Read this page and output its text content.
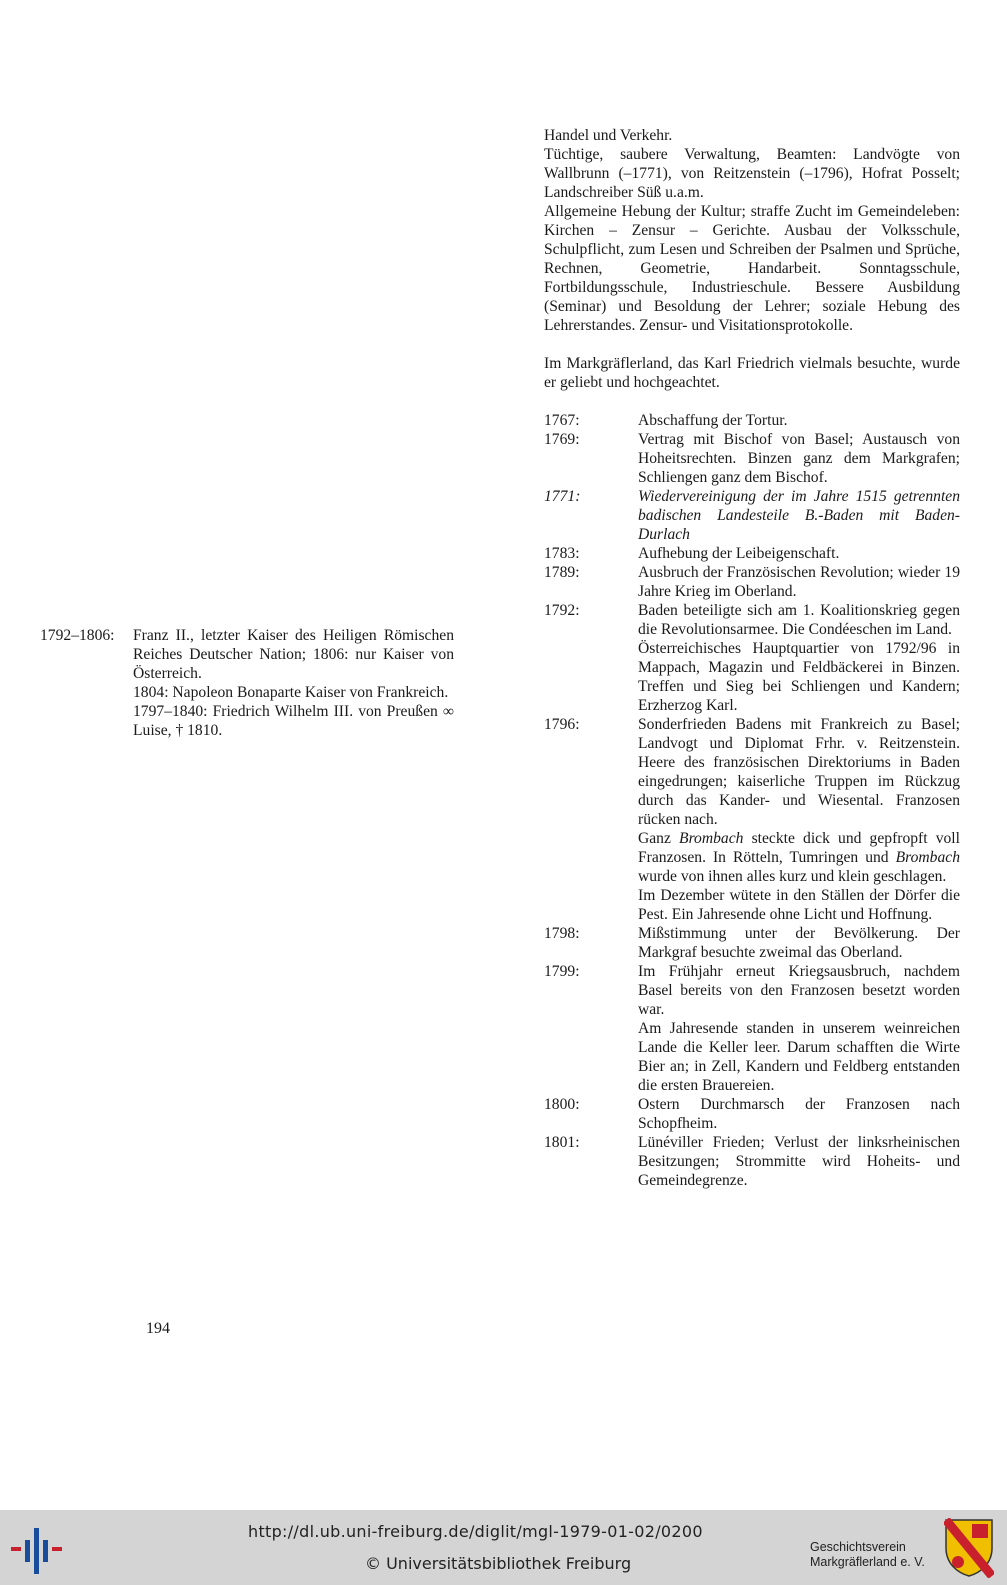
Handel und Verkehr.

Tüchtige, saubere Verwaltung, Beamten: Landvögte von Wallbrunn (–1771), von Reitzenstein (–1796), Hofrat Posselt; Landschreiber Süß u.a.m.

Allgemeine Hebung der Kultur; straffe Zucht im Gemeindeleben: Kirchen – Zensur – Gerichte. Ausbau der Volksschule, Schulpflicht, zum Lesen und Schreiben der Psalmen und Sprüche, Rechnen, Geometrie, Handarbeit. Sonntagsschule, Fortbildungsschule, Industrieschule. Bessere Ausbildung (Seminar) und Besoldung der Lehrer; soziale Hebung des Lehrerstandes. Zensur- und Visitationsprotokolle.

Im Markgräflerland, das Karl Friedrich vielmals besuchte, wurde er geliebt und hochgeachtet.

1767:	Abschaffung der Tortur.

1769:	Vertrag mit Bischof von Basel; Austausch von Hoheitsrechten. Binzen ganz dem Markgrafen; Schliengen ganz dem Bischof.

1771:	Wiedervereinigung der im Jahre 1515 getrennten badischen Landesteile B.-Baden mit Baden-Durlach

1783:	Aufhebung der Leibeigenschaft.

1789:	Ausbruch der Französischen Revolution; wieder 19 Jahre Krieg im Oberland.

1792:	Baden beteiligte sich am 1. Koalitionskrieg gegen die Revolutionsarmee. Die Condéeschen im Land.

Österreichisches Hauptquartier von 1792/96 in Mappach, Magazin und Feldbäckerei in Binzen. Treffen und Sieg bei Schliengen und Kandern; Erzherzog Karl.

1796:	Sonderfrieden Badens mit Frankreich zu Basel; Landvogt und Diplomat Frhr. v. Reitzenstein. Heere des französischen Direktoriums in Baden eingedrungen; kaiserliche Truppen im Rückzug durch das Kander- und Wiesental. Franzosen rücken nach.

Ganz Brombach steckte dick und gepfropft voll Franzosen. In Rötteln, Tumringen und Brombach wurde von ihnen alles kurz und klein geschlagen.

Im Dezember wütete in den Ställen der Dörfer die Pest. Ein Jahresende ohne Licht und Hoffnung.

1798:	Mißstimmung unter der Bevölkerung. Der Markgraf besuchte zweimal das Oberland.

1799:	Im Frühjahr erneut Kriegsausbruch, nachdem Basel bereits von den Franzosen besetzt worden war.

Am Jahresende standen in unserem weinreichen Lande die Keller leer. Darum schafften die Wirte Bier an; in Zell, Kandern und Feldberg entstanden die ersten Brauereien.

1800:	Ostern Durchmarsch der Franzosen nach Schopfheim.

1801:	Lünéviller Frieden; Verlust der linksrheinischen Besitzungen; Strommitte wird Hoheits- und Gemeindegrenze.

1792–1806:	Franz II., letzter Kaiser des Heiligen Römischen Reiches Deutscher Nation; 1806: nur Kaiser von Österreich.

1804: Napoleon Bonaparte Kaiser von Frankreich.

1797–1840: Friedrich Wilhelm III. von Preußen ∞ Luise, † 1810.

194
http://dl.ub.uni-freiburg.de/diglit/mgl-1979-01-02/0200
© Universitätsbibliothek Freiburg
Geschichtsverein
Markgräflerland e. V.
